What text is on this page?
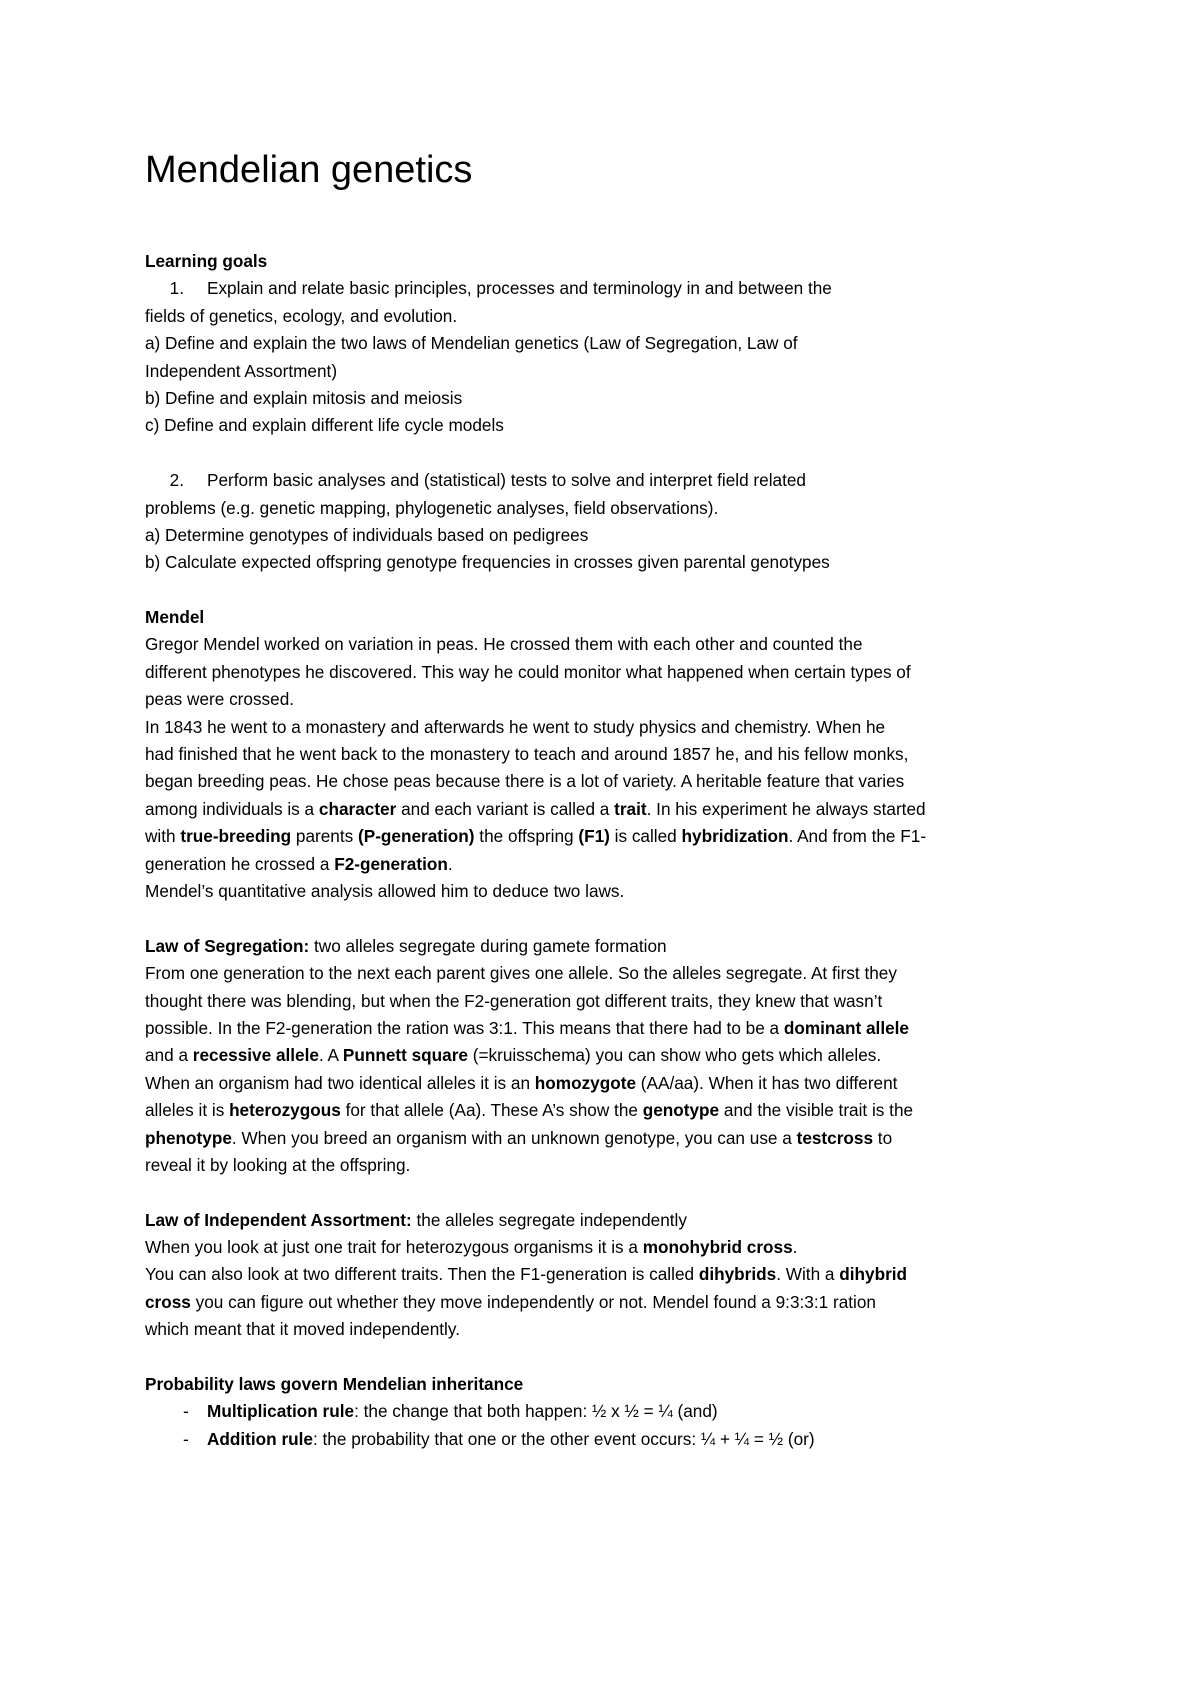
Mendelian genetics
Learning goals
1. Explain and relate basic principles, processes and terminology in and between the
fields of genetics, ecology, and evolution.
a) Define and explain the two laws of Mendelian genetics (Law of Segregation, Law of
Independent Assortment)
b) Define and explain mitosis and meiosis
c) Define and explain different life cycle models
2. Perform basic analyses and (statistical) tests to solve and interpret field related
problems (e.g. genetic mapping, phylogenetic analyses, field observations).
a) Determine genotypes of individuals based on pedigrees
b) Calculate expected offspring genotype frequencies in crosses given parental genotypes
Mendel
Gregor Mendel worked on variation in peas. He crossed them with each other and counted the
different phenotypes he discovered. This way he could monitor what happened when certain types of
peas were crossed.
In 1843 he went to a monastery and afterwards he went to study physics and chemistry. When he
had finished that he went back to the monastery to teach and around 1857 he, and his fellow monks,
began breeding peas. He chose peas because there is a lot of variety. A heritable feature that varies
among individuals is a character and each variant is called a trait. In his experiment he always started
with true-breeding parents (P-generation) the offspring (F1) is called hybridization. And from the F1-
generation he crossed a F2-generation.
Mendel’s quantitative analysis allowed him to deduce two laws.
Law of Segregation: two alleles segregate during gamete formation
From one generation to the next each parent gives one allele. So the alleles segregate. At first they
thought there was blending, but when the F2-generation got different traits, they knew that wasn’t
possible. In the F2-generation the ration was 3:1. This means that there had to be a dominant allele
and a recessive allele. A Punnett square (=kruisschema) you can show who gets which alleles.
When an organism had two identical alleles it is an homozygote (AA/aa). When it has two different
alleles it is heterozygous for that allele (Aa). These A’s show the genotype and the visible trait is the
phenotype. When you breed an organism with an unknown genotype, you can use a testcross to
reveal it by looking at the offspring.
Law of Independent Assortment: the alleles segregate independently
When you look at just one trait for heterozygous organisms it is a monohybrid cross.
You can also look at two different traits. Then the F1-generation is called dihybrids. With a dihybrid
cross you can figure out whether they move independently or not. Mendel found a 9:3:3:1 ration
which meant that it moved independently.
Probability laws govern Mendelian inheritance
- Multiplication rule: the change that both happen: ½ x ½ = ¼ (and)
- Addition rule: the probability that one or the other event occurs: ¼ + ¼ = ½ (or)
